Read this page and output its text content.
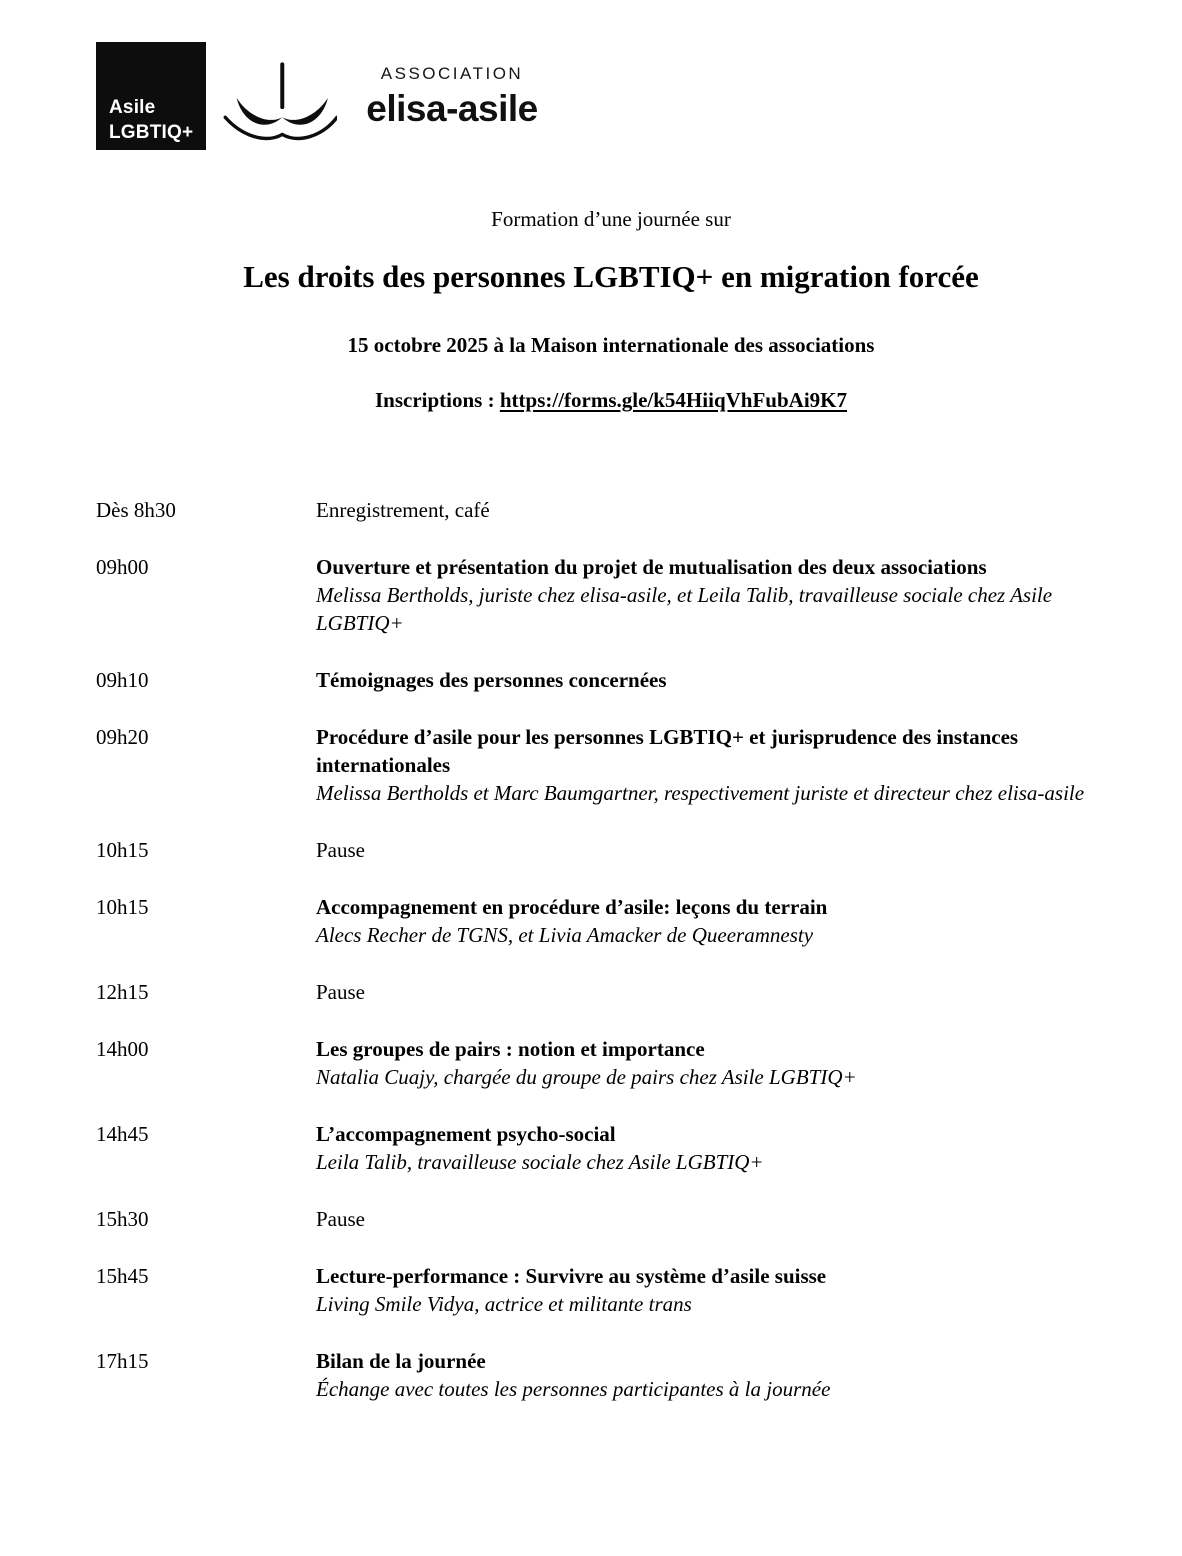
Asile
LGBTIQ+
ASSOCIATION
elisa-asile

Formation d’une journée sur

Les droits des personnes LGBTIQ+ en migration forcée

15 octobre 2025 à la Maison internationale des associations

Inscriptions : https://forms.gle/k54HiiqVhFubAi9K7

Dès 8h30	Enregistrement, café
09h00	Ouverture et présentation du projet de mutualisation des deux associations
Melissa Bertholds, juriste chez elisa-asile, et Leila Talib, travailleuse sociale chez Asile LGBTIQ+
09h10	Témoignages des personnes concernées
09h20	Procédure d’asile pour les personnes LGBTIQ+ et jurisprudence des instances internationales
Melissa Bertholds et Marc Baumgartner, respectivement juriste et directeur chez elisa-asile
10h15	Pause
10h15	Accompagnement en procédure d’asile: leçons du terrain
Alecs Recher de TGNS, et Livia Amacker de Queeramnesty
12h15	Pause
14h00	Les groupes de pairs : notion et importance
Natalia Cuajy, chargée du groupe de pairs chez Asile LGBTIQ+
14h45	L’accompagnement psycho-social
Leila Talib, travailleuse sociale chez Asile LGBTIQ+
15h30	Pause
15h45	Lecture-performance : Survivre au système d’asile suisse
Living Smile Vidya, actrice et militante trans
17h15	Bilan de la journée
Échange avec toutes les personnes participantes à la journée
